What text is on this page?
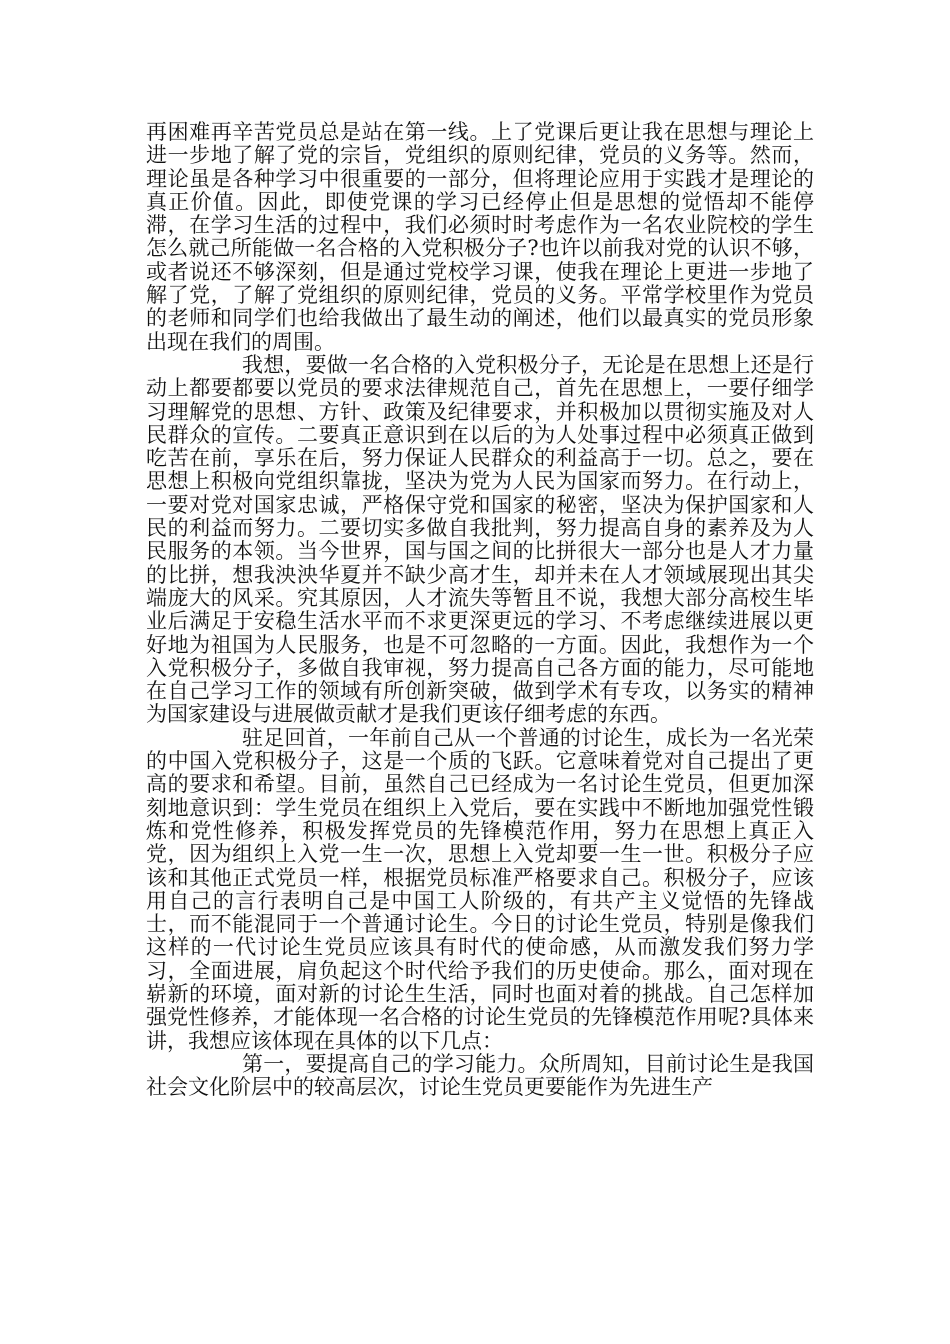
再困难再辛苦党员总是站在第一线。上了党课后更让我在思想与理论上进一步地了解了党的宗旨，党组织的原则纪律，党员的义务等。然而，理论虽是各种学习中很重要的一部分，但将理论应用于实践才是理论的真正价值。因此，即使党课的学习已经停止但是思想的觉悟却不能停滞，在学习生活的过程中，我们必须时时考虑作为一名农业院校的学生怎么就己所能做一名合格的入党积极分子?也许以前我对党的认识不够，或者说还不够深刻，但是通过党校学习课，使我在理论上更进一步地了解了党，了解了党组织的原则纪律，党员的义务。平常学校里作为党员的老师和同学们也给我做出了最生动的阐述，他们以最真实的党员形象出现在我们的周围。

我想，要做一名合格的入党积极分子，无论是在思想上还是行动上都要都要以党员的要求法律规范自己，首先在思想上，一要仔细学习理解党的思想、方针、政策及纪律要求，并积极加以贯彻实施及对人民群众的宣传。二要真正意识到在以后的为人处事过程中必须真正做到吃苦在前，享乐在后，努力保证人民群众的利益高于一切。总之，要在思想上积极向党组织靠拢，坚决为党为人民为国家而努力。在行动上，一要对党对国家忠诚，严格保守党和国家的秘密，坚决为保护国家和人民的利益而努力。二要切实多做自我批判，努力提高自身的素养及为人民服务的本领。当今世界，国与国之间的比拼很大一部分也是人才力量的比拼，想我泱泱华夏并不缺少高才生，却并未在人才领域展现出其尖端庞大的风采。究其原因，人才流失等暂且不说，我想大部分高校生毕业后满足于安稳生活水平而不求更深更远的学习、不考虑继续进展以更好地为祖国为人民服务，也是不可忽略的一方面。因此，我想作为一个入党积极分子，多做自我审视，努力提高自己各方面的能力，尽可能地在自己学习工作的领域有所创新突破，做到学术有专攻，以务实的精神为国家建设与进展做贡献才是我们更该仔细考虑的东西。

驻足回首，一年前自己从一个普通的讨论生，成长为一名光荣的中国入党积极分子，这是一个质的飞跃。它意味着党对自己提出了更高的要求和希望。目前，虽然自己已经成为一名讨论生党员，但更加深刻地意识到：学生党员在组织上入党后，要在实践中不断地加强党性锻炼和党性修养，积极发挥党员的先锋模范作用，努力在思想上真正入党，因为组织上入党一生一次，思想上入党却要一生一世。积极分子应该和其他正式党员一样，根据党员标准严格要求自己。积极分子，应该用自己的言行表明自己是中国工人阶级的，有共产主义觉悟的先锋战士，而不能混同于一个普通讨论生。今日的讨论生党员，特别是像我们这样的一代讨论生党员应该具有时代的使命感，从而激发我们努力学习，全面进展，肩负起这个时代给予我们的历史使命。那么，面对现在崭新的环境，面对新的讨论生生活，同时也面对着的挑战。自己怎样加强党性修养，才能体现一名合格的讨论生党员的先锋模范作用呢?具体来讲，我想应该体现在具体的以下几点：

第一，要提高自己的学习能力。众所周知，目前讨论生是我国社会文化阶层中的较高层次，讨论生党员更要能作为先进生产
